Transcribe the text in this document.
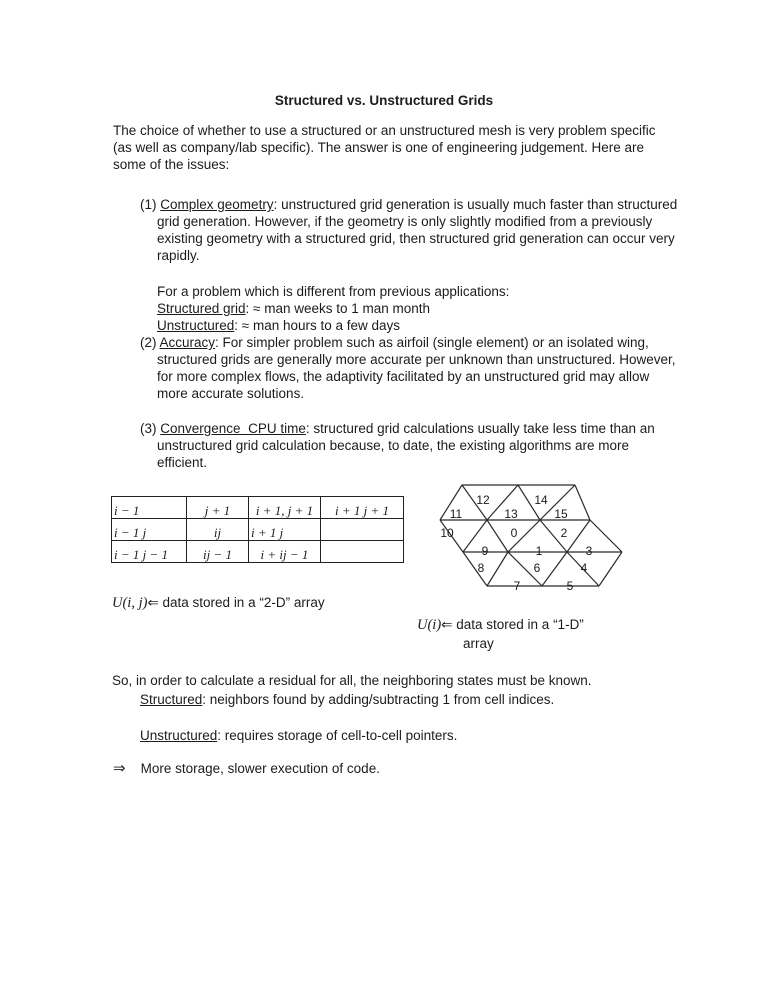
Structured vs. Unstructured Grids
The choice of whether to use a structured or an unstructured mesh is very problem specific (as well as company/lab specific). The answer is one of engineering judgement. Here are some of the issues:
(1) Complex geometry: unstructured grid generation is usually much faster than structured grid generation. However, if the geometry is only slightly modified from a previously existing geometry with a structured grid, then structured grid generation can occur very rapidly.
For a problem which is different from previous applications:
Structured grid: ≈ man weeks to 1 man month
Unstructured: ≈ man hours to a few days
(2) Accuracy: For simpler problem such as airfoil (single element) or an isolated wing, structured grids are generally more accurate per unknown than unstructured. However, for more complex flows, the adaptivity facilitated by an unstructured grid may allow more accurate solutions.
(3) Convergence  CPU time: structured grid calculations usually take less time than an unstructured grid calculation because, to date, the existing algorithms are more efficient.
i − 1	j + 1	i + 1, j + 1	i + 1 j + 1
i − 1 j	ij	i + 1 j	
i − 1 j − 1	ij − 1	i + ij − 1	
12	14
11	13	15
10	0	2
9	1	3
8	6	4
7	5
U(i, j)⇐ data stored in a “2-D” array
U(i)⇐ data stored in a “1-D”
array
So, in order to calculate a residual for all, the neighboring states must be known.
Structured: neighbors found by adding/subtracting 1 from cell indices.
Unstructured: requires storage of cell-to-cell pointers.
⇒ More storage, slower execution of code.
